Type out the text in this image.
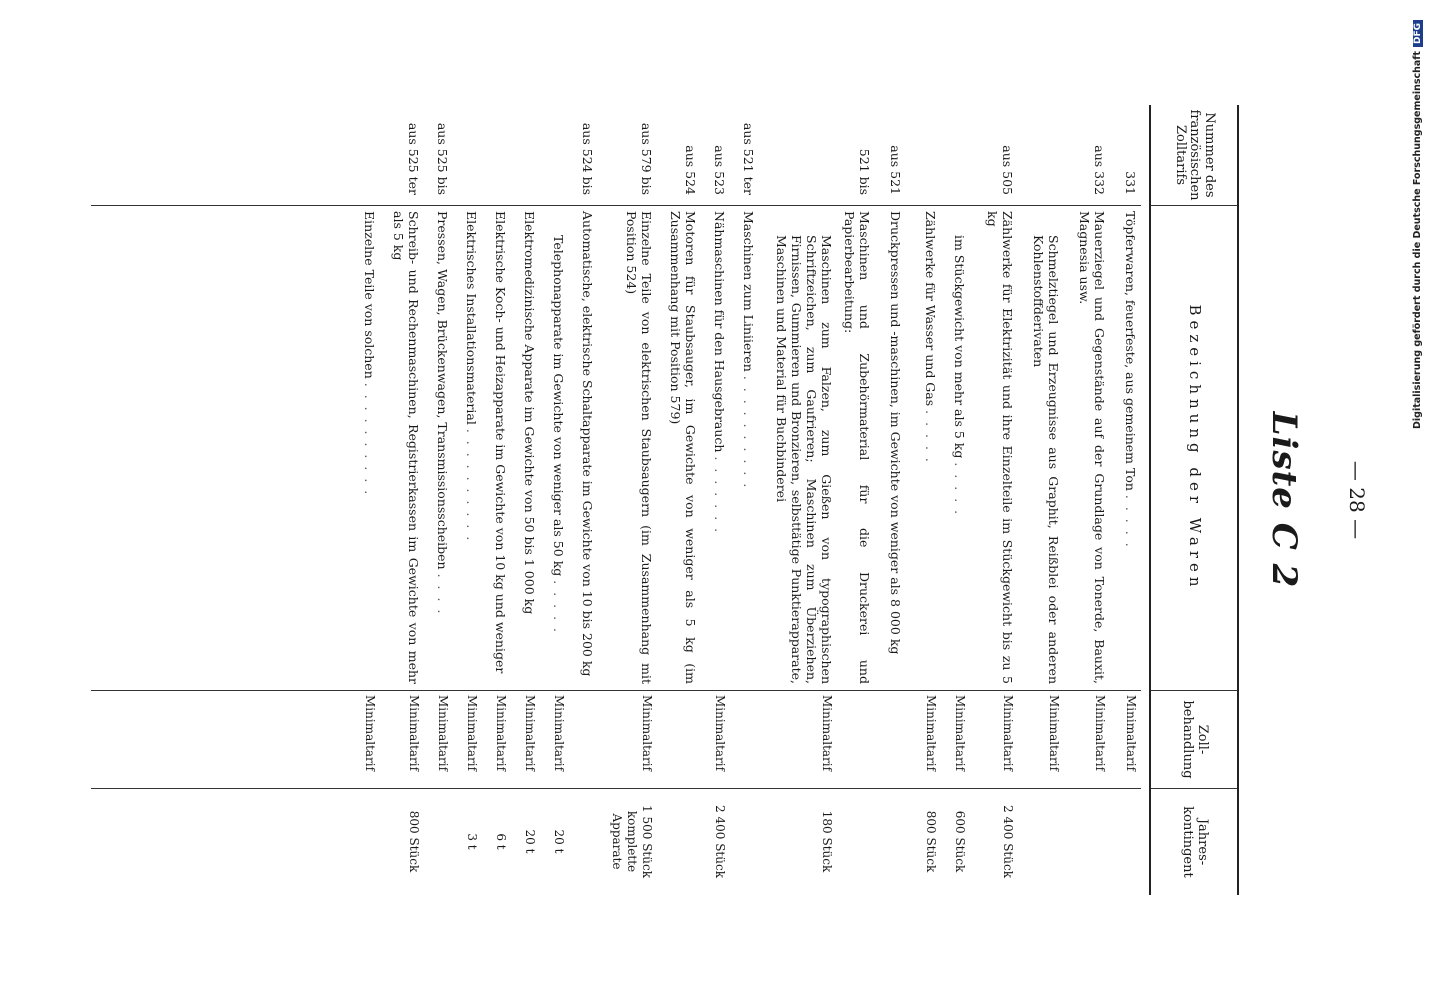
— 28 —
Liste C 2
Nummer des französischen Zolltarifs
Bezeichnung der Waren
Zoll-behandlung
Jahres-kontingent
331
Töpferwaren, feuerfeste, aus gemeinem Ton . . . . .
Minimaltarif
aus 332
Mauerziegel und Gegenstände auf der Grundlage von Tonerde, Bauxit, Magnesia usw.
Minimaltarif
Schmelztiegel und Erzeugnisse aus Graphit, Reißblei oder anderen Kohlenstoffderivaten
Minimaltarif
aus 505
Zählwerke für Elektrizität und ihre Einzelteile im Stückgewicht bis zu 5 kg
Minimaltarif
2 400 Stück
im Stückgewicht von mehr als 5 kg . . . . .
Minimaltarif
600 Stück
Zählwerke für Wasser und Gas . . . . .
Minimaltarif
800 Stück
aus 521
Druckpressen und -maschinen, im Gewichte von weniger als 8 000 kg
521 bis
Maschinen und Zubehörmaterial für die Druckerei und Papierbearbeitung:
Maschinen zum Falzen, zum Gießen von typographischen Schriftzeichen, zum Gaufrieren; Maschinen zum Überziehen, Firnissen, Gummieren und Bronzieren, selbsttätige Punktierapparate, Maschinen und Material für Buchbinderei
Minimaltarif
180 Stück
aus 521 ter
Maschinen zum Liniieren . . . . . . . . . .
aus 523
Nähmaschinen für den Hausgebrauch . . . . . . .
Minimaltarif
2 400 Stück
aus 524
Motoren für Staubsauger, im Gewichte von weniger als 5 kg (im Zusammenhang mit Position 579)
aus 579 bis
Einzelne Teile von elektrischen Staubsaugern (im Zusammenhang mit Position 524)
Minimaltarif
1 500 Stück komplette Apparate
aus 524 bis
Automatische, elektrische Schaltapparate im Gewichte von 10 bis 200 kg
Telephonapparate im Gewichte von weniger als 50 kg . . . . .
Minimaltarif
20 t
Elektromedizinische Apparate im Gewichte von 50 bis 1 000 kg
Minimaltarif
20 t
Elektrische Koch- und Heizapparate im Gewichte von 10 kg und weniger
Minimaltarif
6 t
Elektrisches Installationsmaterial . . . . . . . . . .
Minimaltarif
3 t
aus 525 bis
Pressen, Wagen, Brückenwagen, Transmissionsscheiben . . . .
Minimaltarif
aus 525 ter
Schreib- und Rechenmaschinen, Registrierkassen im Gewichte von mehr als 5 kg
Minimaltarif
800 Stück
Einzelne Teile von solchen . . . . . . . . . .
Minimaltarif
Digitalisierung gefördert durch die Deutsche ForschungsgemeinschaftDFG
